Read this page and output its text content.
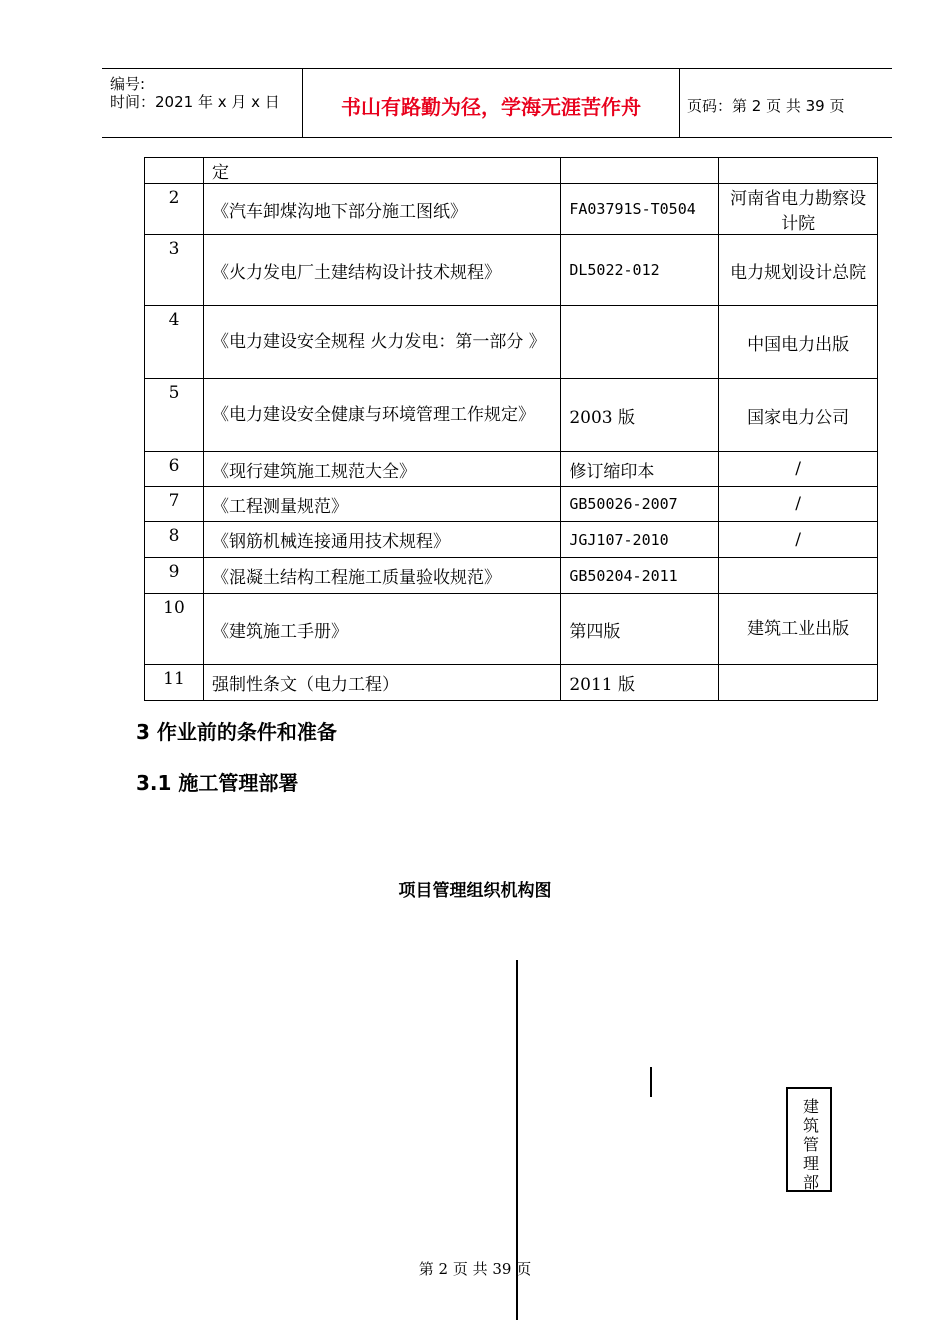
编号:
时间：2021 年 x 月 x 日	书山有路勤为径，学海无涯苦作舟	页码：第 2 页 共 39 页
	定		
2	《汽车卸煤沟地下部分施工图纸》	FA03791S-T0504	河南省电力勘察设计院
3	《火力发电厂土建结构设计技术规程》	DL5022-012	电力规划设计总院
4	《电力建设安全规程 火力发电：第一部分 》		中国电力出版
5	《电力建设安全健康与环境管理工作规定》	2003 版	国家电力公司
6	《现行建筑施工规范大全》	修订缩印本	/
7	《工程测量规范》	GB50026-2007	/
8	《钢筋机械连接通用技术规程》	JGJ107-2010	/
9	《混凝土结构工程施工质量验收规范》	GB50204-2011	
10	《建筑施工手册》	第四版	建筑工业出版
11	强制性条文（电力工程）	2011 版	
3 作业前的条件和准备
3.1 施工管理部署
项目管理组织机构图
建筑管理部
第 2 页 共 39 页
